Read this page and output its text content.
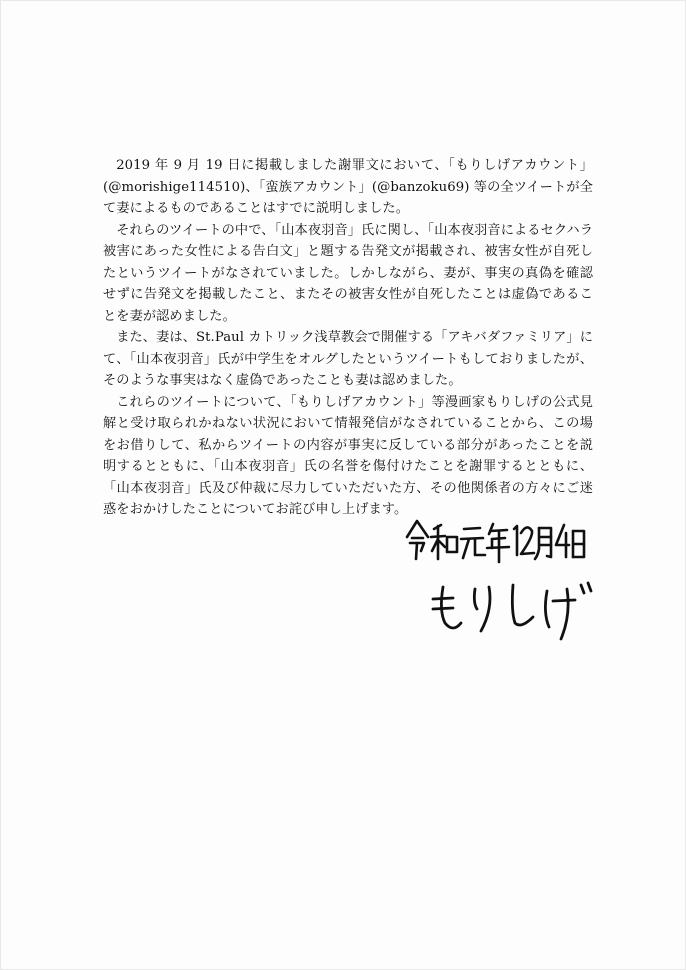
2019 年 9 月 19 日に掲載しました謝罪文において、「もりしげアカウント」(@morishige114510)、「蛮族アカウント」(@banzoku69) 等の全ツイートが全て妻によるものであることはすでに説明しました。

それらのツイートの中で、「山本夜羽音」氏に関し、「山本夜羽音によるセクハラ被害にあった女性による告白文」と題する告発文が掲載され、被害女性が自死したというツイートがなされていました。しかしながら、妻が、事実の真偽を確認せずに告発文を掲載したこと、またその被害女性が自死したことは虚偽であることを妻が認めました。

また、妻は、St.Paul カトリック浅草教会で開催する「アキバダファミリア」にて、「山本夜羽音」氏が中学生をオルグしたというツイートもしておりましたが、そのような事実はなく虚偽であったことも妻は認めました。

これらのツイートについて、「もりしげアカウント」等漫画家もりしげの公式見解と受け取られかねない状況において情報発信がなされていることから、この場をお借りして、私からツイートの内容が事実に反している部分があったことを説明するとともに、「山本夜羽音」氏の名誉を傷付けたことを謝罪するとともに、「山本夜羽音」氏及び仲裁に尽力していただいた方、その他関係者の方々にご迷惑をおかけしたことについてお詫び申し上げます。
